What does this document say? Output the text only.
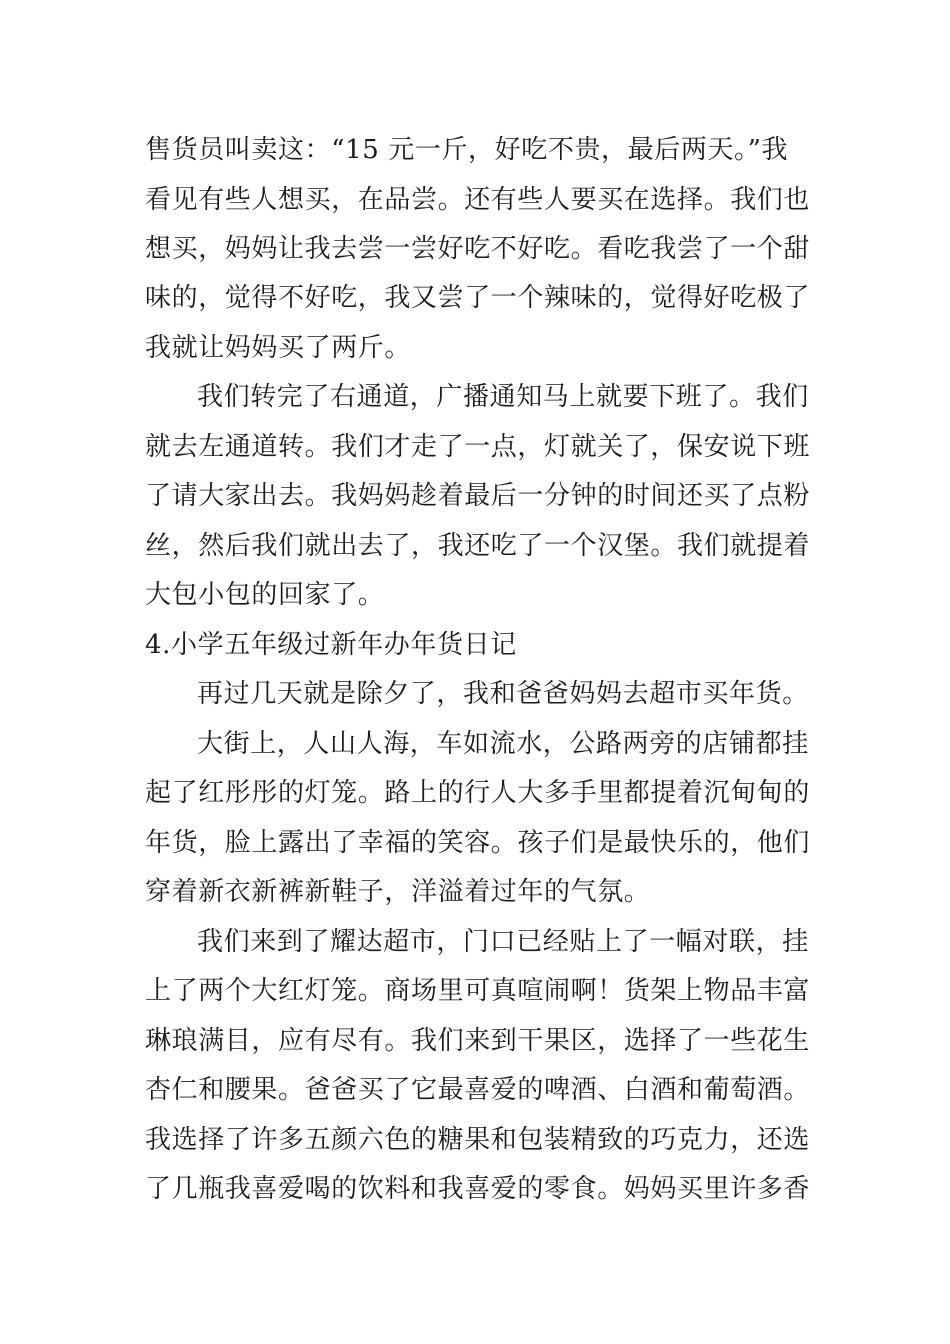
售货员叫卖这：“15 元一斤，好吃不贵，最后两天。”我
看见有些人想买，在品尝。还有些人要买在选择。我们也
想买，妈妈让我去尝一尝好吃不好吃。看吃我尝了一个甜
味的，觉得不好吃，我又尝了一个辣味的，觉得好吃极了
我就让妈妈买了两斤。
我们转完了右通道，广播通知马上就要下班了。我们
就去左通道转。我们才走了一点，灯就关了，保安说下班
了请大家出去。我妈妈趁着最后一分钟的时间还买了点粉
丝，然后我们就出去了，我还吃了一个汉堡。我们就提着
大包小包的回家了。
4.小学五年级过新年办年货日记
再过几天就是除夕了，我和爸爸妈妈去超市买年货。
大街上，人山人海，车如流水，公路两旁的店铺都挂
起了红彤彤的灯笼。路上的行人大多手里都提着沉甸甸的
年货，脸上露出了幸福的笑容。孩子们是最快乐的，他们
穿着新衣新裤新鞋子，洋溢着过年的气氛。
我们来到了耀达超市，门口已经贴上了一幅对联，挂
上了两个大红灯笼。商场里可真喧闹啊！货架上物品丰富
琳琅满目，应有尽有。我们来到干果区，选择了一些花生
杏仁和腰果。爸爸买了它最喜爱的啤酒、白酒和葡萄酒。
我选择了许多五颜六色的糖果和包装精致的巧克力，还选
了几瓶我喜爱喝的饮料和我喜爱的零食。妈妈买里许多香
